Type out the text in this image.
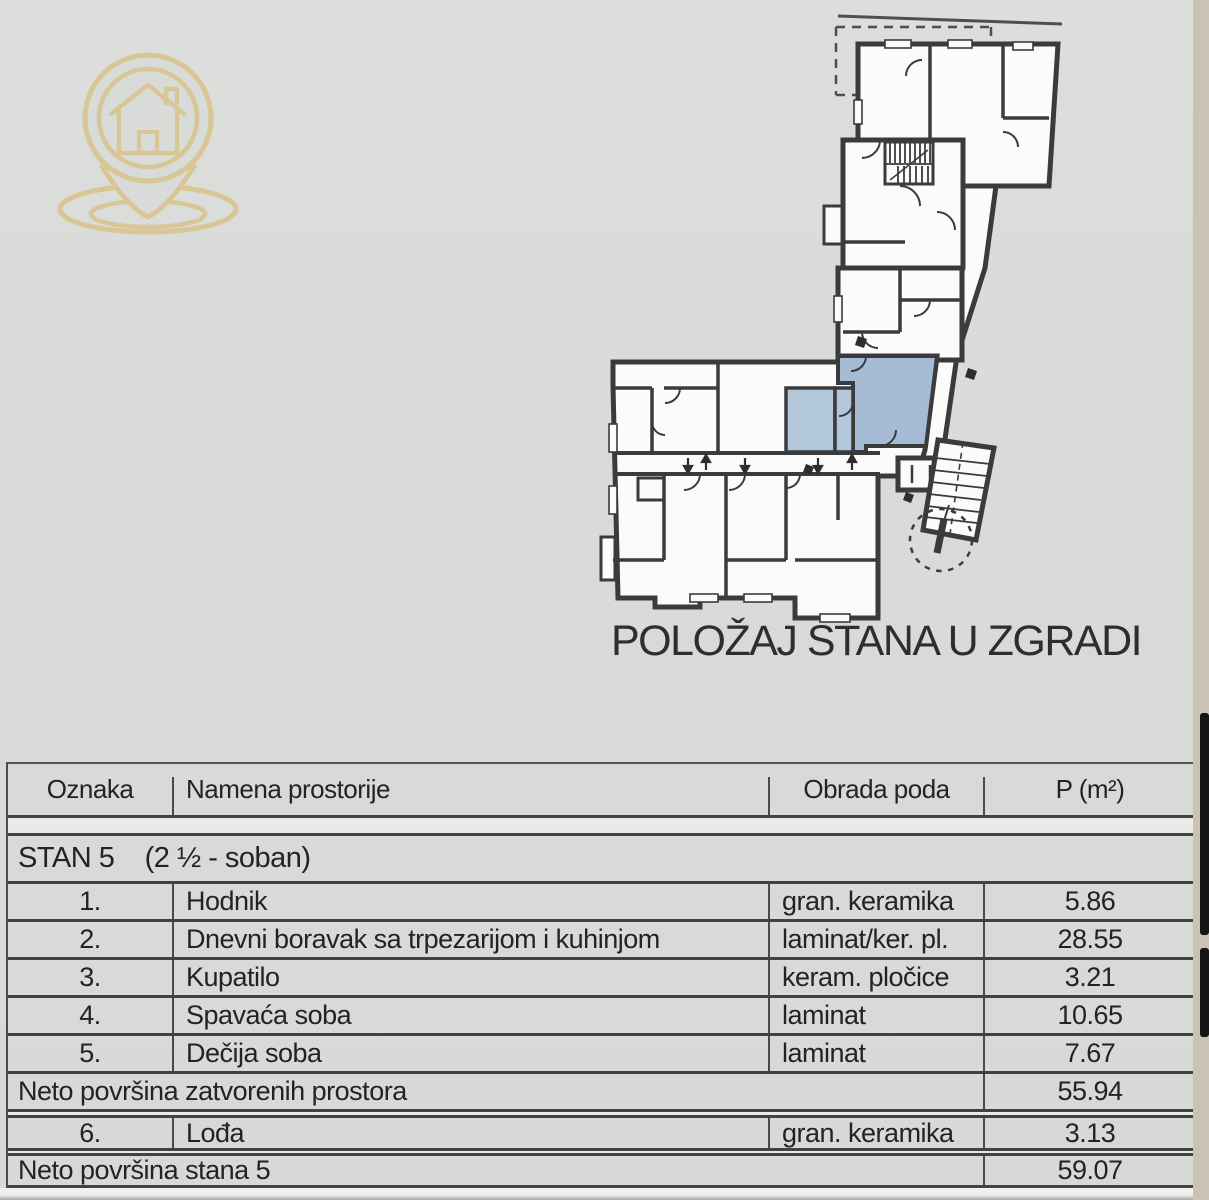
POLOŽAJ STANA U ZGRADI
Oznaka	Namena prostorije	Obrada poda	P (m²)
STAN 5    (2 ½ - soban)
1.	Hodnik	gran. keramika	5.86
2.	Dnevni boravak sa trpezarijom i kuhinjom	laminat/ker. pl.	28.55
3.	Kupatilo	keram. pločice	3.21
4.	Spavaća soba	laminat	10.65
5.	Dečija soba	laminat	7.67
Neto površina zatvorenih prostora	55.94
6.	Lođa	gran. keramika	3.13
Neto površina stana 5	59.07
